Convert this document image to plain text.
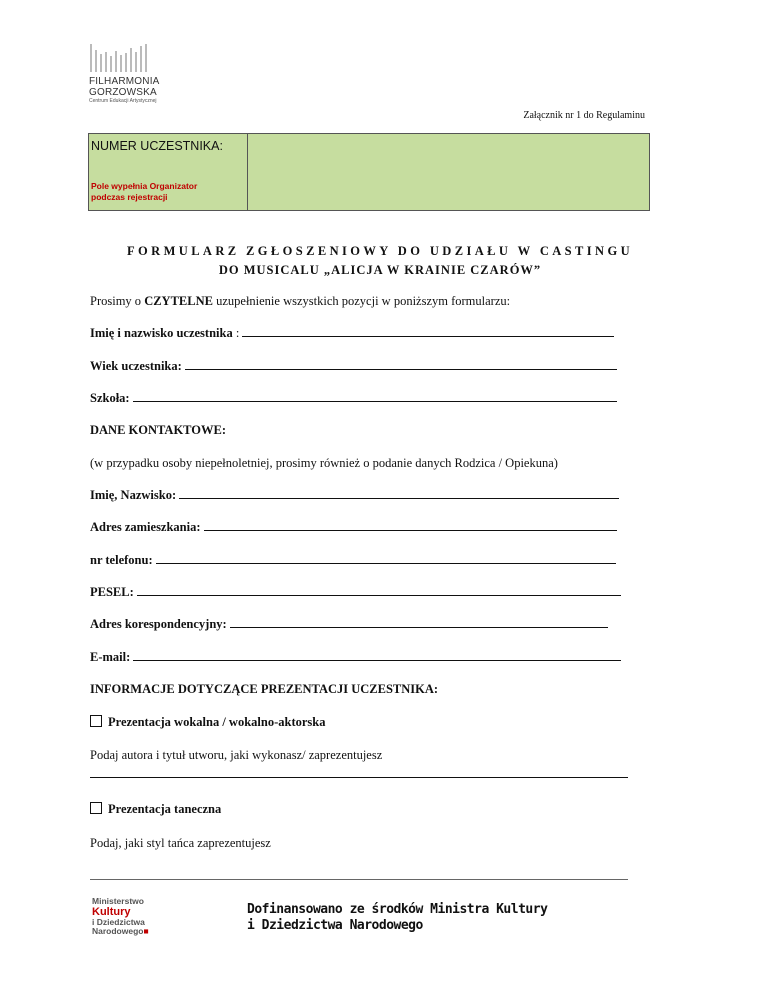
FILHARMONIA
GORZOWSKA
Centrum Edukacji Artystycznej
Załącznik nr 1 do Regulaminu
NUMER UCZESTNIKA:
Pole wypełnia Organizator
podczas rejestracji
FORMULARZ ZGŁOSZENIOWY DO UDZIAŁU W CASTINGU
DO MUSICALU „ALICJA W KRAINIE CZARÓW”
Prosimy o CZYTELNE uzupełnienie wszystkich pozycji w poniższym formularzu:
Imię i nazwisko uczestnika :
Wiek uczestnika:
Szkoła:
DANE KONTAKTOWE:
(w przypadku osoby niepełnoletniej, prosimy również o podanie danych Rodzica / Opiekuna)
Imię, Nazwisko:
Adres zamieszkania:
nr telefonu:
PESEL:
Adres korespondencyjny:
E-mail:
INFORMACJE DOTYCZĄCE PREZENTACJI UCZESTNIKA:
Prezentacja wokalna / wokalno-aktorska
Podaj autora i tytuł utworu, jaki wykonasz/ zaprezentujesz
Prezentacja taneczna
Podaj, jaki styl tańca zaprezentujesz
Ministerstwo
Kultury
i Dziedzictwa
Narodowego■
Dofinansowano ze środków Ministra Kultury
i Dziedzictwa Narodowego
